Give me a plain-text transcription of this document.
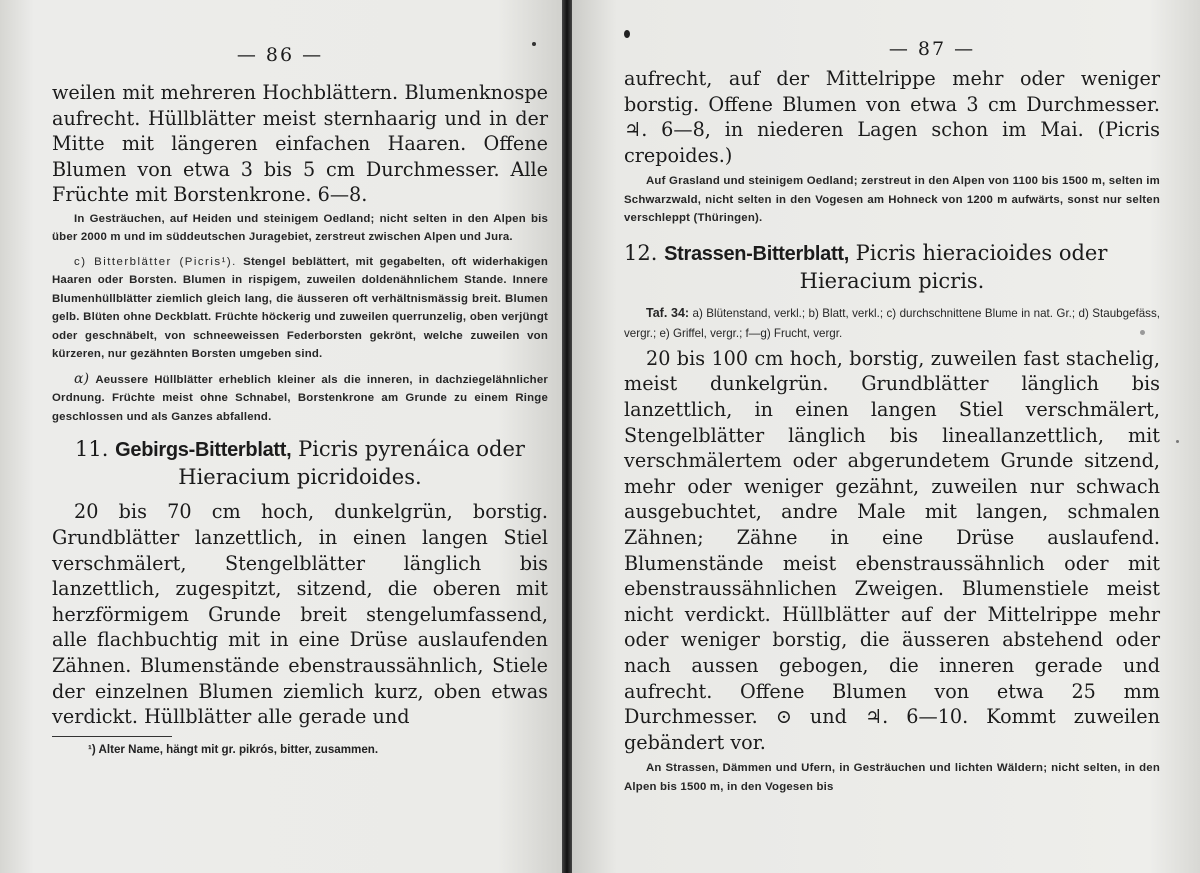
— 86 —

weilen mit mehreren Hochblättern. Blumenknospe aufrecht. Hüllblätter meist sternhaarig und in der Mitte mit längeren einfachen Haaren. Offene Blumen von etwa 3 bis 5 cm Durchmesser. Alle Früchte mit Borstenkrone. 6—8.

In Gesträuchen, auf Heiden und steinigem Oedland; nicht selten in den Alpen bis über 2000 m und im süddeutschen Juragebiet, zerstreut zwischen Alpen und Jura.

c) Bitterblätter (Picris¹). Stengel beblättert, mit gegabelten, oft widerhakigen Haaren oder Borsten. Blumen in rispigem, zuweilen doldenähnlichem Stande. Innere Blumenhüllblätter ziemlich gleich lang, die äusseren oft verhältnismässig breit. Blumen gelb. Blüten ohne Deckblatt. Früchte höckerig und zuweilen querrunzelig, oben verjüngt oder geschnäbelt, von schneeweissen Federborsten gekrönt, welche zuweilen von kürzeren, nur gezähnten Borsten umgeben sind.

α) Aeussere Hüllblätter erheblich kleiner als die inneren, in dachziegelähnlicher Ordnung. Früchte meist ohne Schnabel, Borstenkrone am Grunde zu einem Ringe geschlossen und als Ganzes abfallend.

11. Gebirgs-Bitterblatt, Picris pyrenáica oder
Hieracium picridoides.

20 bis 70 cm hoch, dunkelgrün, borstig. Grundblätter lanzettlich, in einen langen Stiel verschmälert, Stengelblätter länglich bis lanzettlich, zugespitzt, sitzend, die oberen mit herzförmigem Grunde breit stengelumfassend, alle flachbuchtig mit in eine Drüse auslaufenden Zähnen. Blumenstände ebenstraussähnlich, Stiele der einzelnen Blumen ziemlich kurz, oben etwas verdickt. Hüllblätter alle gerade und

¹) Alter Name, hängt mit gr. pikrós, bitter, zusammen.
— 87 —

aufrecht, auf der Mittelrippe mehr oder weniger borstig. Offene Blumen von etwa 3 cm Durchmesser. ♃. 6—8, in niederen Lagen schon im Mai. (Picris crepoides.)

Auf Grasland und steinigem Oedland; zerstreut in den Alpen von 1100 bis 1500 m, selten im Schwarzwald, nicht selten in den Vogesen am Hohneck von 1200 m aufwärts, sonst nur selten verschleppt (Thüringen).

12. Strassen-Bitterblatt, Picris hieracioides oder

Hieracium picris.

Taf. 34: a) Blütenstand, verkl.; b) Blatt, verkl.; c) durchschnittene Blume in nat. Gr.; d) Staubgefäss, vergr.; e) Griffel, vergr.; f—g) Frucht, vergr.

20 bis 100 cm hoch, borstig, zuweilen fast stachelig, meist dunkelgrün. Grundblätter länglich bis lanzettlich, in einen langen Stiel verschmälert, Stengelblätter länglich bis lineallanzettlich, mit verschmälertem oder abgerundetem Grunde sitzend, mehr oder weniger gezähnt, zuweilen nur schwach ausgebuchtet, andre Male mit langen, schmalen Zähnen; Zähne in eine Drüse auslaufend. Blumenstände meist ebenstraussähnlich oder mit ebenstraussähnlichen Zweigen. Blumenstiele meist nicht verdickt. Hüllblätter auf der Mittelrippe mehr oder weniger borstig, die äusseren abstehend oder nach aussen gebogen, die inneren gerade und aufrecht. Offene Blumen von etwa 25 mm Durchmesser. ⊙ und ♃. 6—10. Kommt zuweilen gebändert vor.

An Strassen, Dämmen und Ufern, in Gesträuchen und lichten Wäldern; nicht selten, in den Alpen bis 1500 m, in den Vogesen bis
